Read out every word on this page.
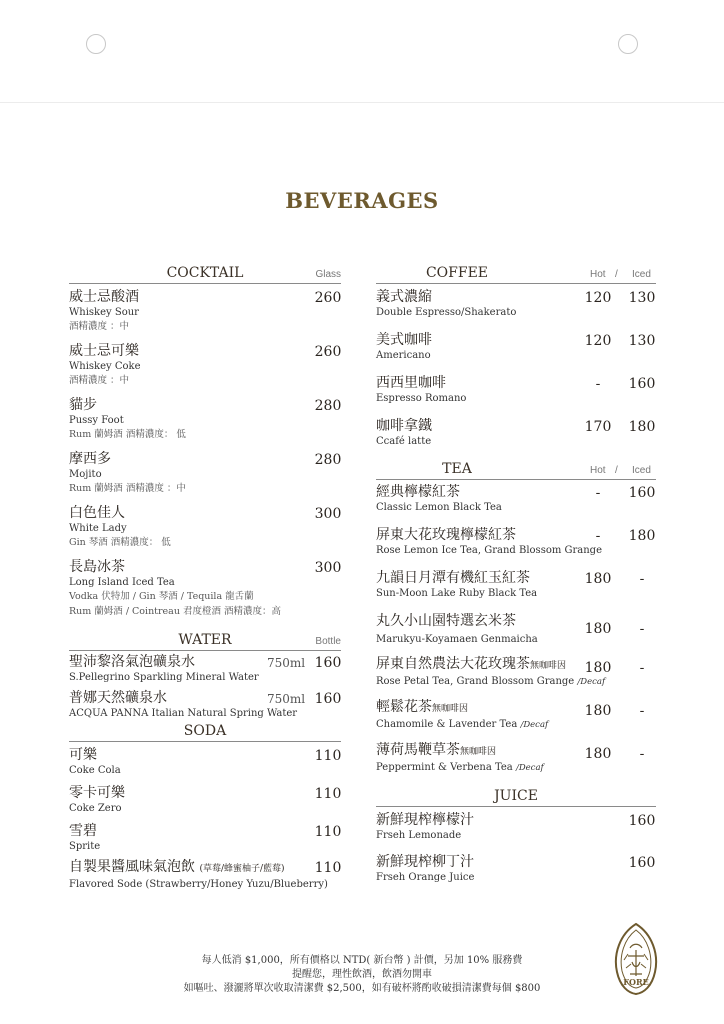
BEVERAGES
COCKTAIL	Glass
威士忌酸酒
Whiskey Sour
酒精濃度 ：中
260
威士忌可樂
Whiskey Coke
酒精濃度 ：中
260
貓步
Pussy Foot
Rum 蘭姆酒 酒精濃度： 低
280
摩西多
Mojito
Rum 蘭姆酒 酒精濃度 ：中
280
白色佳人
White Lady
Gin 琴酒 酒精濃度： 低
300
長島冰茶
Long Island Iced Tea
Vodka 伏特加 / Gin 琴酒 / Tequila 龍舌蘭
Rum 蘭姆酒 / Cointreau 君度橙酒 酒精濃度：高
300
WATER	Bottle
聖沛黎洛氣泡礦泉水
S.Pellegrino Sparkling Mineral Water
750ml 160
普娜天然礦泉水
ACQUA PANNA Italian Natural Spring Water
750ml 160
SODA
可樂
Coke Cola
110
零卡可樂
Coke Zero
110
雪碧
Sprite
110
自製果醬風味氣泡飲 (草莓/蜂蜜柚子/藍莓)
Flavored Sode (Strawberry/Honey Yuzu/Blueberry)
110
COFFEE	Hot / Iced
義式濃縮
Double Espresso/Shakerato
120 130
美式咖啡
Americano
120 130
西西里咖啡
Espresso Romano
-	160
咖啡拿鐵
Ccafé latte
170 180
TEA	Hot / Iced
經典檸檬紅茶
Classic Lemon Black Tea
-	160
屏東大花玫瑰檸檬紅茶
Rose Lemon Ice Tea, Grand Blossom Grange
-	180
九韻日月潭有機紅玉紅茶
Sun-Moon Lake Ruby Black Tea
180	-
丸久小山園特選玄米茶
Marukyu-Koyamaen Genmaicha
180	-
屏東自然農法大花玫瑰茶無咖啡因
Rose Petal Tea, Grand Blossom Grange /Decaf
180	-
輕鬆花茶無咖啡因
Chamomile & Lavender Tea /Decaf
180	-
薄荷馬鞭草茶無咖啡因
Peppermint & Verbena Tea /Decaf
180	-
JUICE
新鮮現榨檸檬汁
Frseh Lemonade
160
新鮮現榨柳丁汁
Frseh Orange Juice
160
每人低消 $1,000，所有價格以 NTD( 新台幣 ) 計價，另加 10% 服務費
提醒您，理性飲酒，飲酒勿開車
如嘔吐、潑灑將單次收取清潔費 $2,500，如有破杯將酌收破損清潔費每個 $800
FORE
